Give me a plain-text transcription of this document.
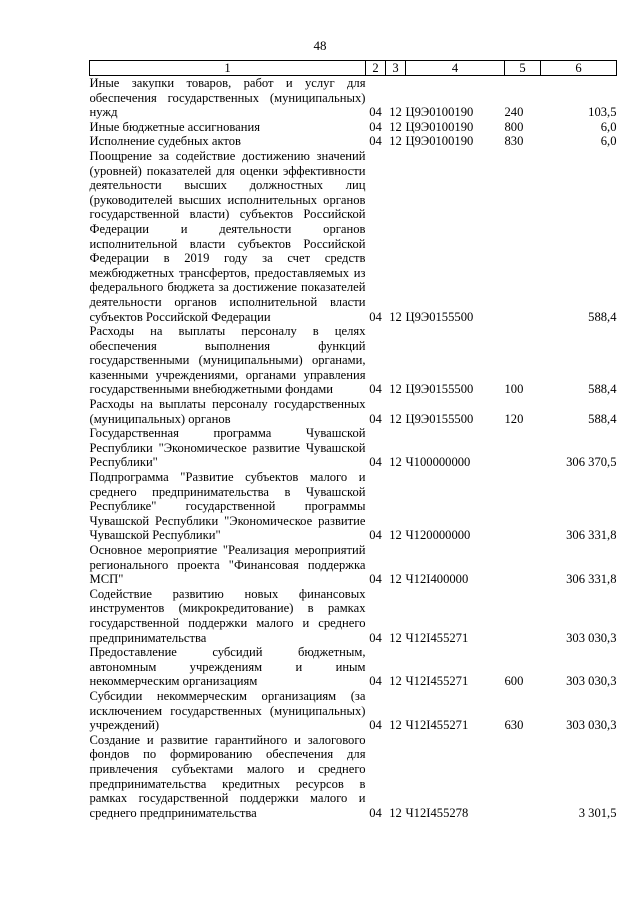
48
1	2	3	4	5	6
Иные закупки товаров, работ и услуг для обеспечения государственных (муниципальных) нужд	04	12	Ц9Э0100190	240	103,5
Иные бюджетные ассигнования	04	12	Ц9Э0100190	800	6,0
Исполнение судебных актов	04	12	Ц9Э0100190	830	6,0
Поощрение за содействие достижению значений (уровней) показателей для оценки эффективности деятельности высших должностных лиц (руководителей высших исполнительных органов государственной власти) субъектов Российской Федерации и деятельности органов исполнительной власти субъектов Российской Федерации в 2019 году за счет средств межбюджетных трансфертов, предоставляемых из федерального бюджета за достижение показателей деятельности органов исполнительной власти субъектов Российской Федерации	04	12	Ц9Э0155500		588,4
Расходы на выплаты персоналу в целях обеспечения выполнения функций государственными (муниципальными) органами, казенными учреждениями, органами управления государственными внебюджетными фондами	04	12	Ц9Э0155500	100	588,4
Расходы на выплаты персоналу государственных (муниципальных) органов	04	12	Ц9Э0155500	120	588,4
Государственная программа Чувашской Республики "Экономическое развитие Чувашской Республики"	04	12	Ч100000000		306 370,5
Подпрограмма "Развитие субъектов малого и среднего предпринимательства в Чувашской Республике" государственной программы Чувашской Республики "Экономическое развитие Чувашской Республики"	04	12	Ч120000000		306 331,8
Основное мероприятие "Реализация мероприятий регионального проекта "Финансовая поддержка МСП"	04	12	Ч12I400000		306 331,8
Содействие развитию новых финансовых инструментов (микрокредитование) в рамках государственной поддержки малого и среднего предпринимательства	04	12	Ч12I455271		303 030,3
Предоставление субсидий бюджетным, автономным учреждениям и иным некоммерческим организациям	04	12	Ч12I455271	600	303 030,3
Субсидии некоммерческим организациям (за исключением государственных (муниципальных) учреждений)	04	12	Ч12I455271	630	303 030,3
Создание и развитие гарантийного и залогового фондов по формированию обеспечения для привлечения субъектами малого и среднего предпринимательства кредитных ресурсов в рамках государственной поддержки малого и среднего предпринимательства	04	12	Ч12I455278		3 301,5
